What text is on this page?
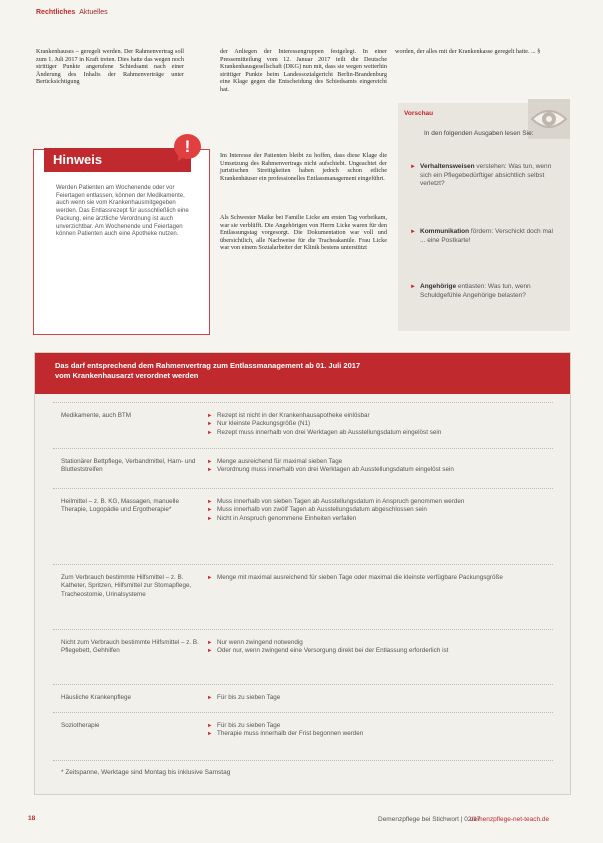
Rechtliches Aktuelles
Krankenhauses – geregelt werden. Der Rahmenvertrag soll zum 1. Juli 2017 in Kraft treten. Dies hatte das wegen noch strittiger Punkte angerufene Schiedsamt nach einer Änderung des Inhalts der Rahmenverträge unter Berücksichtigung
der Anliegen der Interessengruppen festgelegt. In einer Pressemitteilung vom 12. Januar 2017 teilt die Deutsche Krankenhausgesellschaft (DKG) nun mit, dass sie wegen weiterhin strittiger Punkte beim Landessozialgericht Berlin-Brandenburg eine Klage gegen die Entscheidung des Schiedsamts eingereicht hat.
Im Interesse der Patienten bleibt zu hoffen, dass diese Klage die Umsetzung des Rahmenvertrags nicht aufschiebt. Ungeachtet der juristischen Streitigkeiten haben jedoch schon etliche Krankenhäuser ein professionelles Entlassmanagement eingeführt.
Als Schwester Maike bei Familie Licke am ersten Tag vorbeikam, war sie verblüfft. Die Angehörigen von Herrn Licke waren für den Entlassungstag vorgesorgt. Die Dokumentation war voll und übersichtlich, alle Nachweise für die Tracheakanüle. Frau Licke war von einem Sozialarbeiter der Klinik bestens unterstützt
worden, der alles mit der Krankenkasse geregelt hatte. ... §
Hinweis
Werden Patienten am Wochenende oder vor Feiertagen entlassen, können der Medikamente, auch wenn sie vom Krankenhausmitgegeben werden. Das Entlassrezept für ausschließlich eine Packung, eine ärztliche Verordnung ist auch unverzichtbar. Am Wochenende und Feiertagen können Patienten auch eine Apotheke nutzen.
!
Vorschau
In den folgenden Ausgaben lesen Sie:
► Verhaltensweisen verstehen: Was tun, wenn sich ein Pflegebedürftiger absichtlich selbst verletzt?
► Kommunikation fördern: Verschickt doch mal ... eine Postkarte!
► Angehörige entlasten: Was tun, wenn Schuldgefühle Angehörige belasten?
Das darf entsprechend dem Rahmenvertrag zum Entlassmanagement ab 01. Juli 2017
vom Krankenhausarzt verordnet werden
Medikamente, auch BTM	► Rezept ist nicht in der Krankenhausapotheke einlösbar
► Nur kleinste Packungsgröße (N1)
► Rezept muss innerhalb von drei Werktagen ab Ausstellungsdatum eingelöst sein
Stationärer Bettpflege, Verbandmittel, Harn- und Blutteststreifen
► Menge ausreichend für maximal sieben Tage
► Verordnung muss innerhalb von drei Werktagen ab Ausstellungsdatum eingelöst sein
Heilmittel – z. B. KG, Massagen, manuelle Therapie, Logopädie und Ergotherapie*
► Muss innerhalb von sieben Tagen ab Ausstellungsdatum in Anspruch genommen werden
► Muss innerhalb von zwölf Tagen ab Ausstellungsdatum abgeschlossen sein
► Nicht in Anspruch genommene Einheiten verfallen
Zum Verbrauch bestimmte Hilfsmittel – z. B. Katheter, Spritzen, Hilfsmittel zur Stomapflege, Tracheostomie, Urinalsysteme
► Menge mit maximal ausreichend für sieben Tage oder maximal die kleinste verfügbare Packungsgröße
Nicht zum Verbrauch bestimmte Hilfsmittel – z. B. Pflegebett, Gehhilfen
► Nur wenn zwingend notwendig
► Oder nur, wenn zwingend eine Versorgung direkt bei der Entlassung erforderlich ist
Häusliche Krankenpflege	► Für bis zu sieben Tage
Soziotherapie	► Für bis zu sieben Tage
► Therapie muss innerhalb der Frist begonnen werden
* Zeitspanne, Werktage sind Montag bis inklusive Samstag
18	Demenzpflege bei Stichwort | 02/17
demenzpflege-net-teach.de
